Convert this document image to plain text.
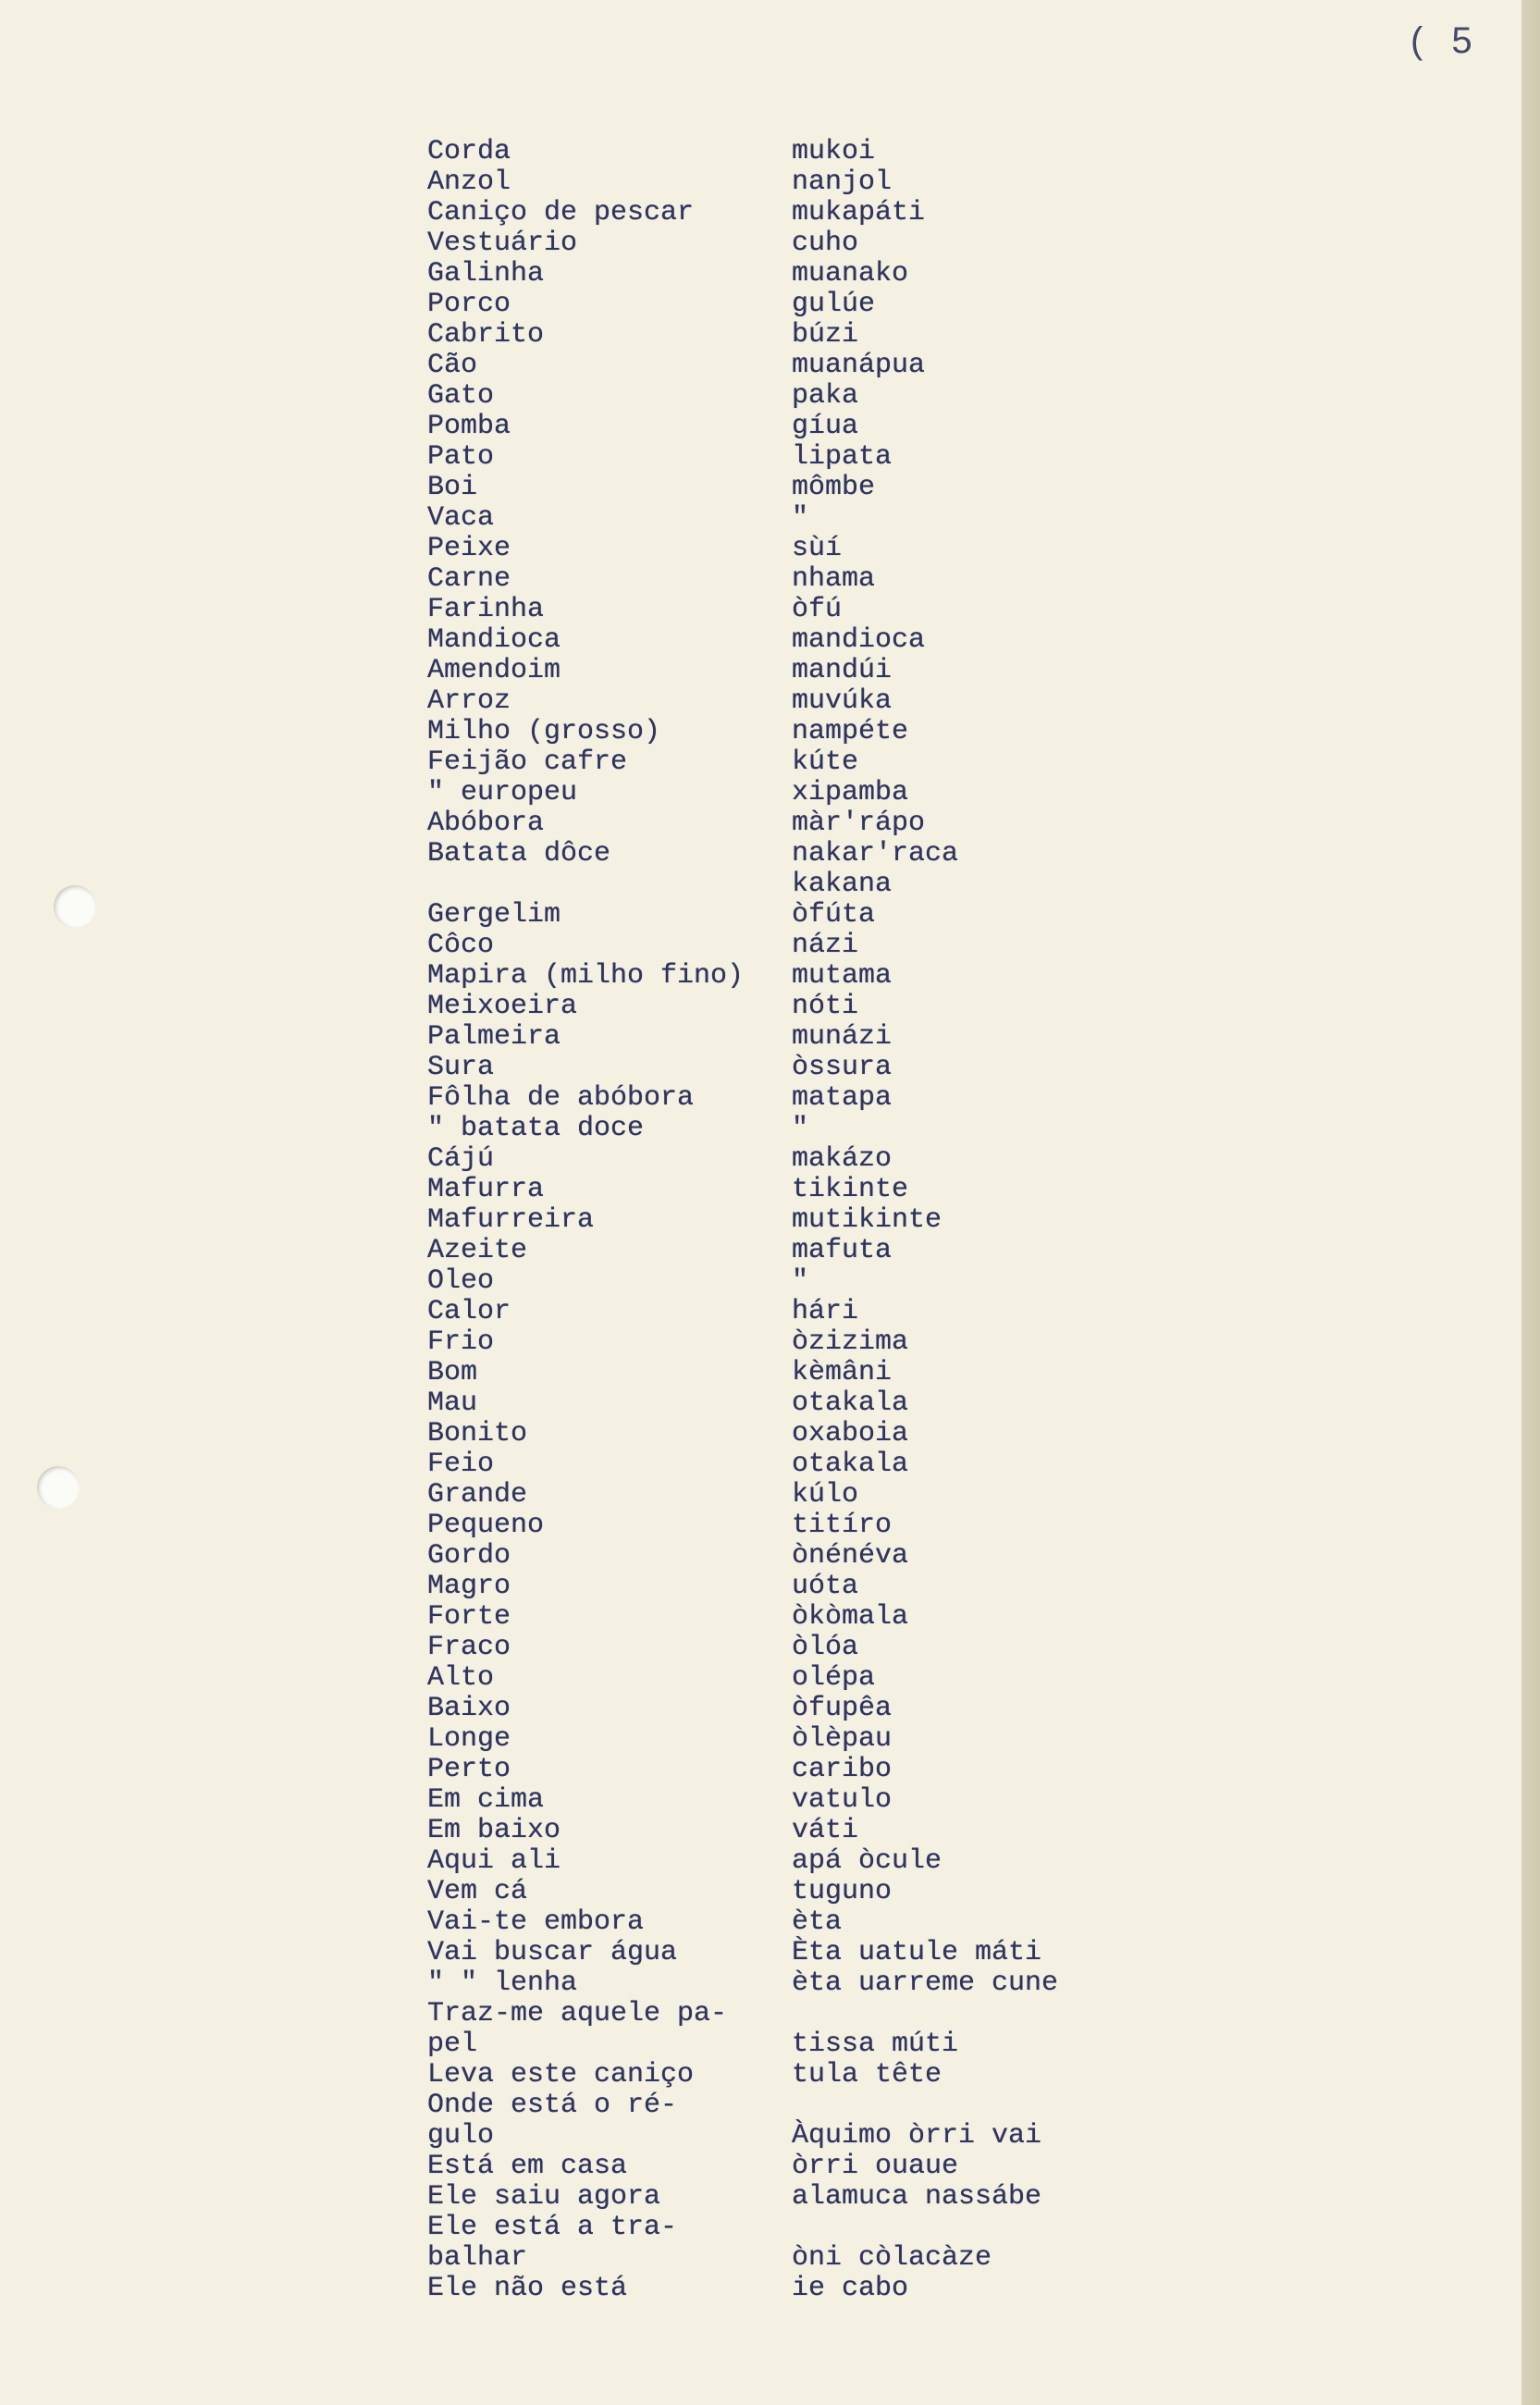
( 5
Corda	mukoi
Anzol	nanjol
Caniço de pescar	mukapáti
Vestuário	cuho
Galinha	muanako
Porco	gulúe
Cabrito	búzi
Cão	muanápua
Gato	paka
Pomba	gíua
Pato	lipata
Boi	mômbe
Vaca	"
Peixe	sùí
Carne	nhama
Farinha	òfú
Mandioca	mandioca
Amendoim	mandúi
Arroz	muvúka
Milho (grosso)	nampéte
Feijão cafre	kúte
" europeu	xipamba
Abóbora	màr'rápo
Batata dôce	nakar'raca
kakana
Gergelim	òfúta
Côco	názi
Mapira (milho fino) mutama
Meixoeira	nóti
Palmeira	munázi
Sura	òssura
Fôlha de abóbora	matapa
" batata doce	"
Cájú	makázo
Mafurra	tikinte
Mafurreira	mutikinte
Azeite	mafuta
Oleo	"
Calor	hári
Frio	òzizima
Bom	kèmâni
Mau	otakala
Bonito	oxaboia
Feio	otakala
Grande	kúlo
Pequeno	titíro
Gordo	ònénéva
Magro	uóta
Forte	òkòmala
Fraco	òlóa
Alto	olépa
Baixo	òfupêa
Longe	òlèpau
Perto	caribo
Em cima	vatulo
Em baixo	váti
Aqui ali	apá òcule
Vem cá	tuguno
Vai-te embora	èta
Vai buscar água	Èta uatule máti
" " lenha	èta uarreme cune
Traz-me aquele pa-
pel	tissa múti
Leva este caniço	tula tête
Onde está o ré-
gulo	Àquimo òrri vai
Está em casa	òrri ouaue
Ele saiu agora	alamuca nassábe
Ele está a tra-
balhar	òni còlacàze
Ele não está	ie cabo
